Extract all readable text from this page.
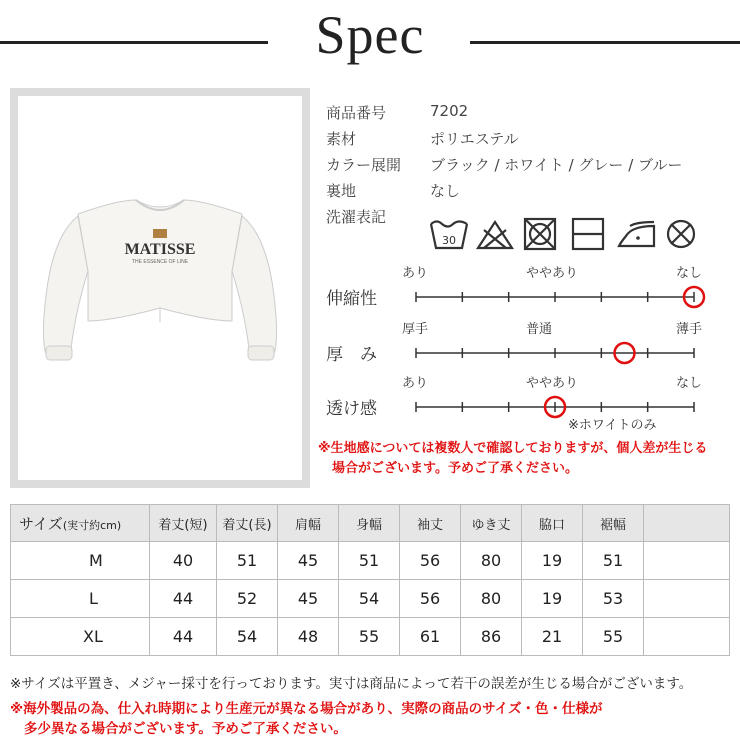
Spec
MATISSE
THE ESSENCE OF LINE
商品番号	7202
素材	ポリエステル
カラー展開 ブラック / ホワイト / グレー / ブルー
裏地	なし
洗濯表記
30
あり	ややあり	なし
伸縮性
厚手	普通	薄手
厚　み
あり	ややあり	なし
透け感
※ホワイトのみ
※生地感については複数人で確認しておりますが、個人差が生じる
場合がございます。予めご了承ください。
サイズ(実寸約cm)	着丈(短)	着丈(長)	肩幅	身幅	袖丈	ゆき丈	脇口	裾幅	
M	40	51	45	51	56	80	19	51	
L	44	52	45	54	56	80	19	53	
XL	44	54	48	55	61	86	21	55	
※サイズは平置き、メジャー採寸を行っております。実寸は商品によって若干の誤差が生じる場合がございます。
※海外製品の為、仕入れ時期により生産元が異なる場合があり、実際の商品のサイズ・色・仕様が
多少異なる場合がございます。予めご了承ください。
